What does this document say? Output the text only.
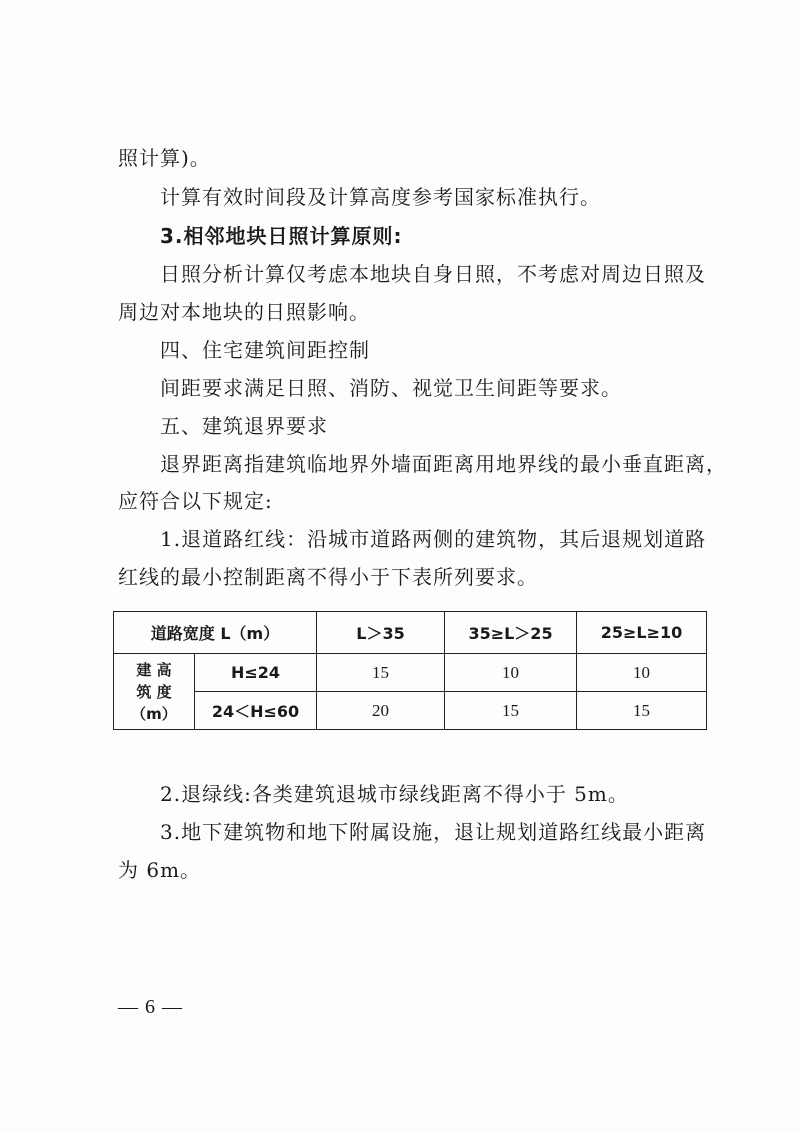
照计算)。
计算有效时间段及计算高度参考国家标准执行。
3.相邻地块日照计算原则:
日照分析计算仅考虑本地块自身日照，不考虑对周边日照及
周边对本地块的日照影响。
四、住宅建筑间距控制
间距要求满足日照、消防、视觉卫生间距等要求。
五、建筑退界要求
退界距离指建筑临地界外墙面距离用地界线的最小垂直距离，
应符合以下规定:
1.退道路红线：沿城市道路两侧的建筑物，其后退规划道路
红线的最小控制距离不得小于下表所列要求。
道路宽度 L（m）		L＞35	35≥L＞25	25≥L≥10

建 高
筑 度
（m）	H≤24	15	10	10
	24＜H≤60	20	15	15
2.退绿线:各类建筑退城市绿线距离不得小于 5m。
3.地下建筑物和地下附属设施，退让规划道路红线最小距离
为 6m。
— 6 —
